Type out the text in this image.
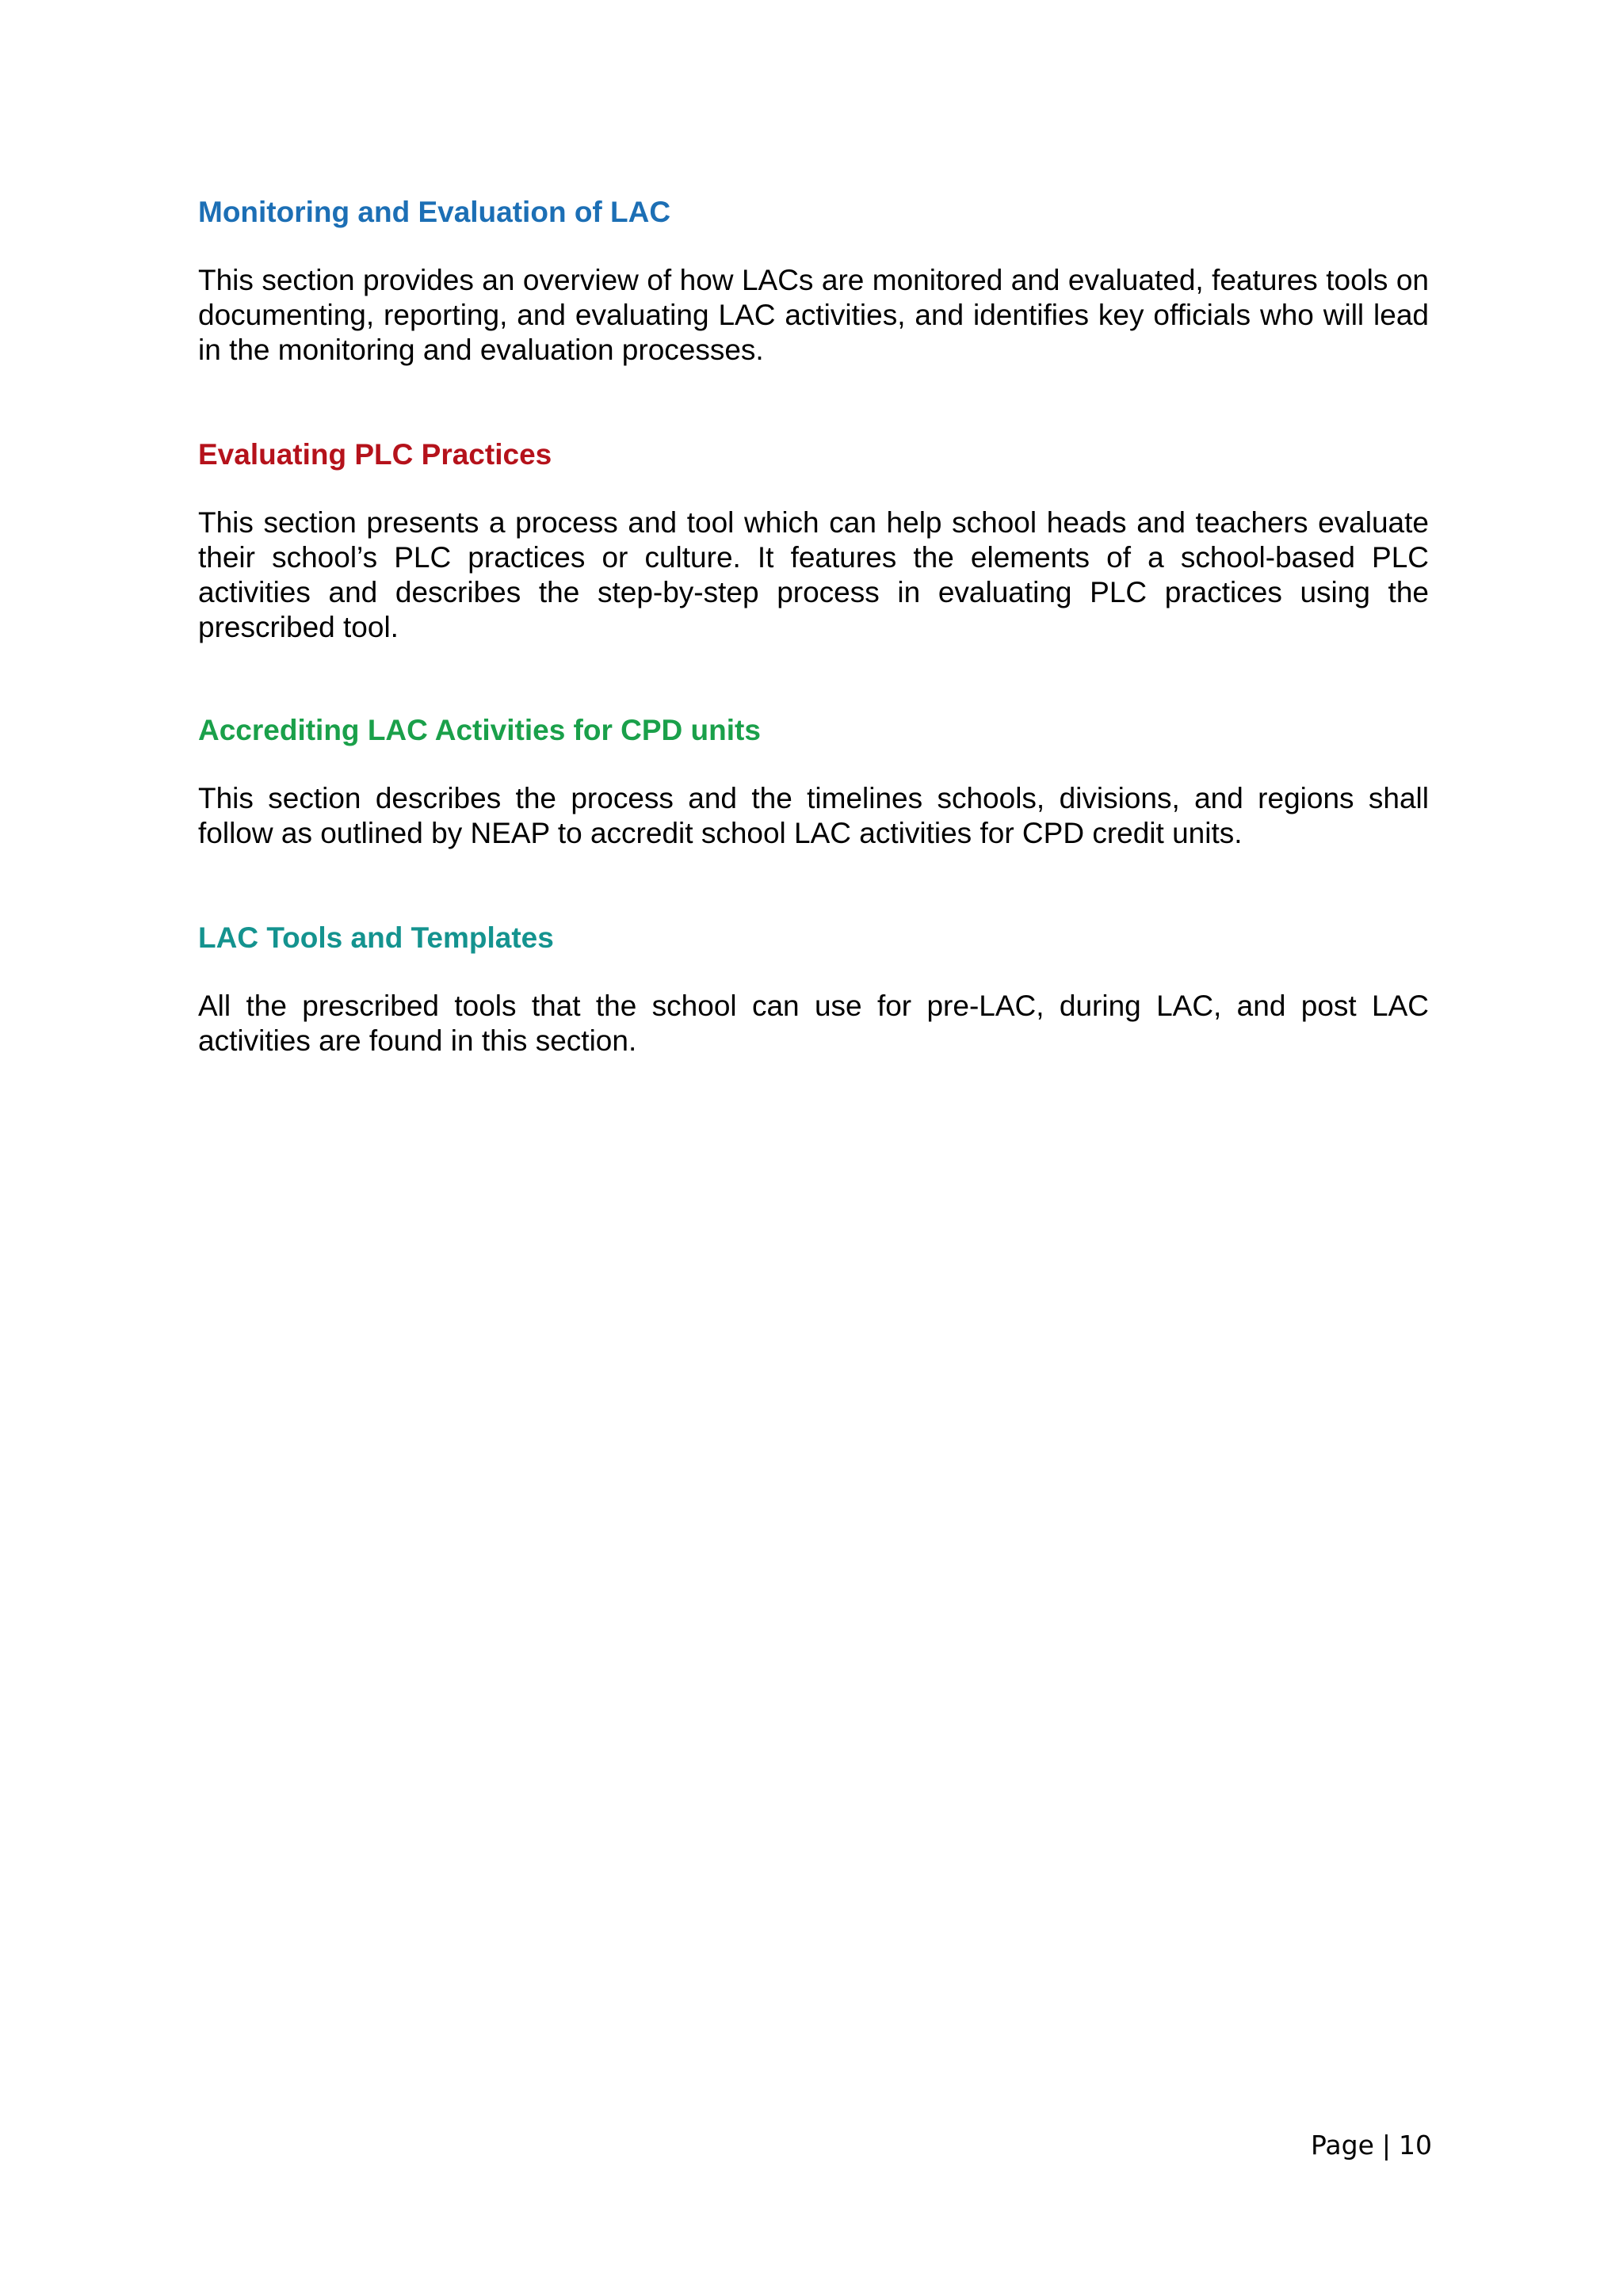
Monitoring and Evaluation of LAC

This section provides an overview of how LACs are monitored and evaluated, features tools on documenting, reporting, and evaluating LAC activities, and identifies key officials who will lead in the monitoring and evaluation processes.

Evaluating PLC Practices

This section presents a process and tool which can help school heads and teachers evaluate their school’s PLC practices or culture. It features the elements of a school-based PLC activities and describes the step-by-step process in evaluating PLC practices using the prescribed tool.

Accrediting LAC Activities for CPD units

This section describes the process and the timelines schools, divisions, and regions shall follow as outlined by NEAP to accredit school LAC activities for CPD credit units.

LAC Tools and Templates

All the prescribed tools that the school can use for pre-LAC, during LAC, and post LAC activities are found in this section.

Page | 10
